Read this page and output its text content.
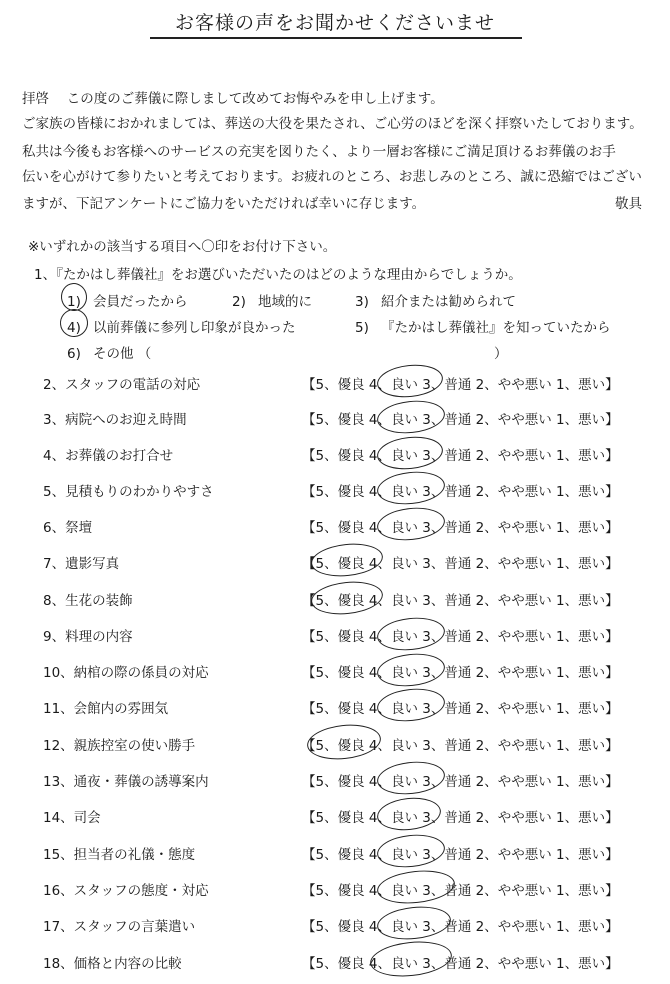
お客様の声をお聞かせくださいませ
拝啓　 この度のご葬儀に際しまして改めてお悔やみを申し上げます。
ご家族の皆様におかれましては、葬送の大役を果たされ、ご心労のほどを深く拝察いたしております。
私共は今後もお客様へのサービスの充実を図りたく、より一層お客様にご満足頂けるお葬儀のお手
伝いを心がけて参りたいと考えております。お疲れのところ、お悲しみのところ、誠に恐縮ではござい
ますが、下記アンケートにご協力をいただければ幸いに存じます。	敬具
※いずれかの該当する項目へ〇印をお付け下さい。
1、『たかはし葬儀社』をお選びいただいたのはどのような理由からでしょうか。
1) 会員だったから	2) 地域的に	3) 紹介または勧められて
4) 以前葬儀に参列し印象が良かった	5) 『たかはし葬儀社』を知っていたから
6) その他 （	）
2、スタッフの電話の対応	【5、優良 4、良い 3、普通 2、やや悪い 1、悪い】
3、病院へのお迎え時間	【5、優良 4、良い 3、普通 2、やや悪い 1、悪い】
4、お葬儀のお打合せ	【5、優良 4、良い 3、普通 2、やや悪い 1、悪い】
5、見積もりのわかりやすさ	【5、優良 4、良い 3、普通 2、やや悪い 1、悪い】
6、祭壇	【5、優良 4、良い 3、普通 2、やや悪い 1、悪い】
7、遺影写真	【5、優良 4、良い 3、普通 2、やや悪い 1、悪い】
8、生花の装飾	【5、優良 4、良い 3、普通 2、やや悪い 1、悪い】
9、料理の内容	【5、優良 4、良い 3、普通 2、やや悪い 1、悪い】
10、納棺の際の係員の対応	【5、優良 4、良い 3、普通 2、やや悪い 1、悪い】
11、会館内の雰囲気	【5、優良 4、良い 3、普通 2、やや悪い 1、悪い】
12、親族控室の使い勝手	【5、優良 4、良い 3、普通 2、やや悪い 1、悪い】
13、通夜・葬儀の誘導案内	【5、優良 4、良い 3、普通 2、やや悪い 1、悪い】
14、司会	【5、優良 4、良い 3、普通 2、やや悪い 1、悪い】
15、担当者の礼儀・態度	【5、優良 4、良い 3、普通 2、やや悪い 1、悪い】
16、スタッフの態度・対応	【5、優良 4、良い 3、普通 2、やや悪い 1、悪い】
17、スタッフの言葉遣い	【5、優良 4、良い 3、普通 2、やや悪い 1、悪い】
18、価格と内容の比較	【5、優良 4、良い 3、普通 2、やや悪い 1、悪い】
